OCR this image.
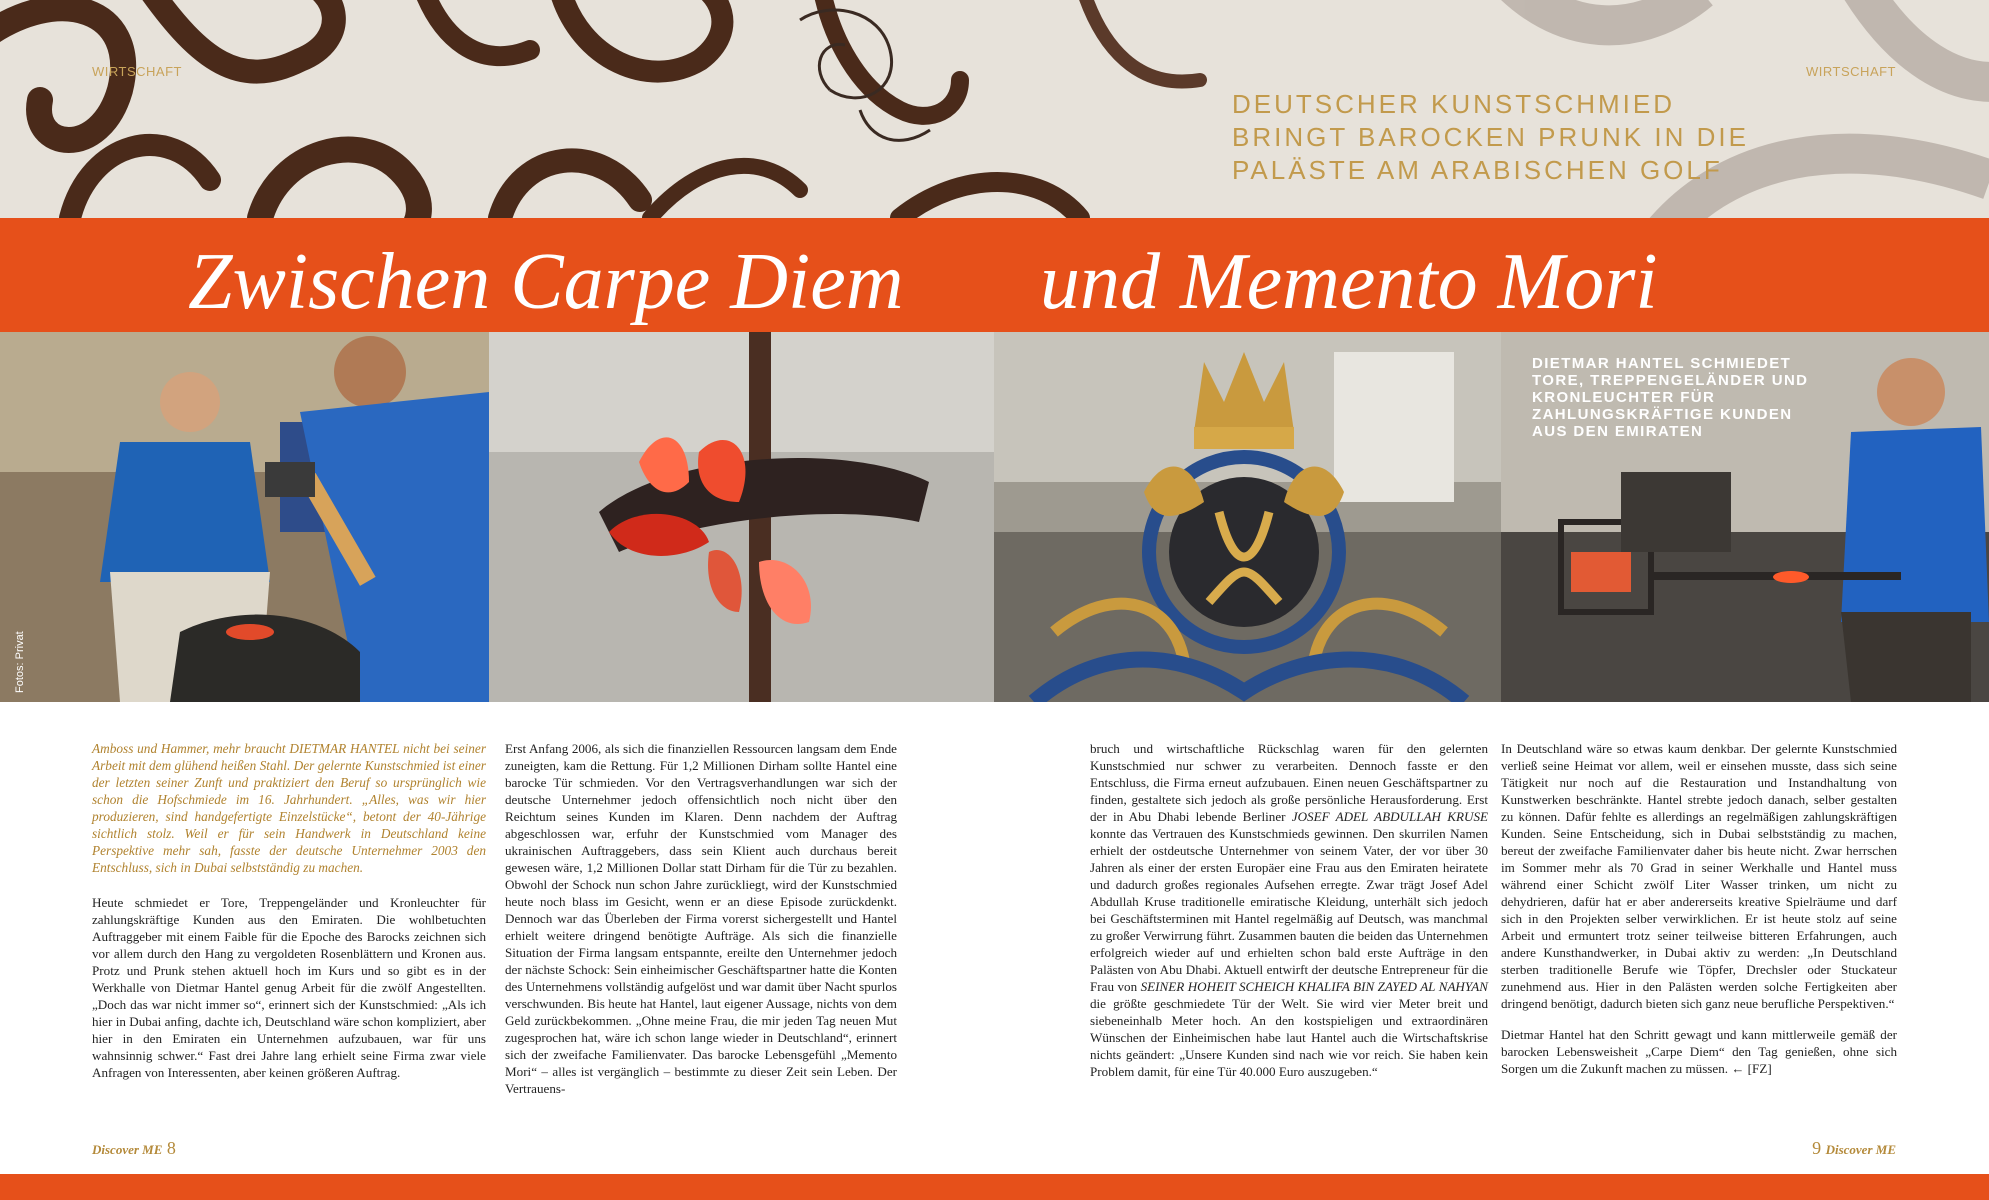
WIRTSCHAFT	WIRTSCHAFT
DEUTSCHER KUNSTSCHMIED BRINGT BAROCKEN PRUNK IN DIE PALÄSTE AM ARABISCHEN GOLF
Zwischen Carpe Diem und Memento Mori
Fotos: Privat
DIETMAR HANTEL SCHMIEDET TORE, TREPPENGELÄNDER UND KRONLEUCHTER FÜR ZAHLUNGSKRÄFTIGE KUNDEN AUS DEN EMIRATEN

Amboss und Hammer, mehr braucht DIETMAR HANTEL nicht bei seiner Arbeit mit dem glühend heißen Stahl. Der gelernte Kunstschmied ist einer der letzten seiner Zunft und praktiziert den Beruf so ursprünglich wie schon die Hofschmiede im 16. Jahrhundert. „Alles, was wir hier produzieren, sind handgefertigte Einzelstücke“, betont der 40-Jährige sichtlich stolz. Weil er für sein Handwerk in Deutschland keine Perspektive mehr sah, fasste der deutsche Unternehmer 2003 den Entschluss, sich in Dubai selbstständig zu machen.

Heute schmiedet er Tore, Treppengeländer und Kronleuchter für zahlungskräftige Kunden aus den Emiraten. Die wohlbetuchten Auftraggeber mit einem Faible für die Epoche des Barocks zeichnen sich vor allem durch den Hang zu vergoldeten Rosenblättern und Kronen aus. Protz und Prunk stehen aktuell hoch im Kurs und so gibt es in der Werkhalle von Dietmar Hantel genug Arbeit für die zwölf Angestellten. „Doch das war nicht immer so“, erinnert sich der Kunstschmied: „Als ich hier in Dubai anfing, dachte ich, Deutschland wäre schon kompliziert, aber hier in den Emiraten ein Unternehmen aufzubauen, war für uns wahnsinnig schwer.“ Fast drei Jahre lang erhielt seine Firma zwar viele Anfragen von Interessenten, aber keinen größeren Auftrag.

Erst Anfang 2006, als sich die finanziellen Ressourcen langsam dem Ende zuneigten, kam die Rettung. Für 1,2 Millionen Dirham sollte Hantel eine barocke Tür schmieden. Vor den Vertragsverhandlungen war sich der deutsche Unternehmer jedoch offensichtlich noch nicht über den Reichtum seines Kunden im Klaren. Denn nachdem der Auftrag abgeschlossen war, erfuhr der Kunstschmied vom Manager des ukrainischen Auftraggebers, dass sein Klient auch durchaus bereit gewesen wäre, 1,2 Millionen Dollar statt Dirham für die Tür zu bezahlen. Obwohl der Schock nun schon Jahre zurückliegt, wird der Kunstschmied heute noch blass im Gesicht, wenn er an diese Episode zurückdenkt. Dennoch war das Überleben der Firma vorerst sichergestellt und Hantel erhielt weitere dringend benötigte Aufträge. Als sich die finanzielle Situation der Firma langsam entspannte, ereilte den Unternehmer jedoch der nächste Schock: Sein einheimischer Geschäftspartner hatte die Konten des Unternehmens vollständig aufgelöst und war damit über Nacht spurlos verschwunden. Bis heute hat Hantel, laut eigener Aussage, nichts von dem Geld zurückbekommen. „Ohne meine Frau, die mir jeden Tag neuen Mut zugesprochen hat, wäre ich schon lange wieder in Deutschland“, erinnert sich der zweifache Familienvater. Das barocke Lebensgefühl „Memento Mori“ – alles ist vergänglich – bestimmte zu dieser Zeit sein Leben. Der Vertrauens-

bruch und wirtschaftliche Rückschlag waren für den gelernten Kunstschmied nur schwer zu verarbeiten. Dennoch fasste er den Entschluss, die Firma erneut aufzubauen. Einen neuen Geschäftspartner zu finden, gestaltete sich jedoch als große persönliche Herausforderung. Erst der in Abu Dhabi lebende Berliner JOSEF ADEL ABDULLAH KRUSE konnte das Vertrauen des Kunstschmieds gewinnen. Den skurrilen Namen erhielt der ostdeutsche Unternehmer von seinem Vater, der vor über 30 Jahren als einer der ersten Europäer eine Frau aus den Emiraten heiratete und dadurch großes regionales Aufsehen erregte. Zwar trägt Josef Adel Abdullah Kruse traditionelle emiratische Kleidung, unterhält sich jedoch bei Geschäftsterminen mit Hantel regelmäßig auf Deutsch, was manchmal zu großer Verwirrung führt. Zusammen bauten die beiden das Unternehmen erfolgreich wieder auf und erhielten schon bald erste Aufträge in den Palästen von Abu Dhabi. Aktuell entwirft der deutsche Entrepreneur für die Frau von SEINER HOHEIT SCHEICH KHALIFA BIN ZAYED AL NAHYAN die größte geschmiedete Tür der Welt. Sie wird vier Meter breit und siebeneinhalb Meter hoch. An den kostspieligen und extraordinären Wünschen der Einheimischen habe laut Hantel auch die Wirtschaftskrise nichts geändert: „Unsere Kunden sind nach wie vor reich. Sie haben kein Problem damit, für eine Tür 40.000 Euro auszugeben.“

In Deutschland wäre so etwas kaum denkbar. Der gelernte Kunstschmied verließ seine Heimat vor allem, weil er einsehen musste, dass sich seine Tätigkeit nur noch auf die Restauration und Instandhaltung von Kunstwerken beschränkte. Hantel strebte jedoch danach, selber gestalten zu können. Dafür fehlte es allerdings an regelmäßigen zahlungskräftigen Kunden. Seine Entscheidung, sich in Dubai selbstständig zu machen, bereut der zweifache Familienvater daher bis heute nicht. Zwar herrschen im Sommer mehr als 70 Grad in seiner Werkhalle und Hantel muss während einer Schicht zwölf Liter Wasser trinken, um nicht zu dehydrieren, dafür hat er aber andererseits kreative Spielräume und darf sich in den Projekten selber verwirklichen. Er ist heute stolz auf seine Arbeit und ermuntert trotz seiner teilweise bitteren Erfahrungen, auch andere Kunsthandwerker, in Dubai aktiv zu werden: „In Deutschland sterben traditionelle Berufe wie Töpfer, Drechsler oder Stuckateur zunehmend aus. Hier in den Palästen werden solche Fertigkeiten aber dringend benötigt, dadurch bieten sich ganz neue berufliche Perspektiven.“

Dietmar Hantel hat den Schritt gewagt und kann mittlerweile gemäß der barocken Lebensweisheit „Carpe Diem“ den Tag genießen, ohne sich Sorgen um die Zukunft machen zu müssen. ← [FZ]

Discover ME 8	9 Discover ME
